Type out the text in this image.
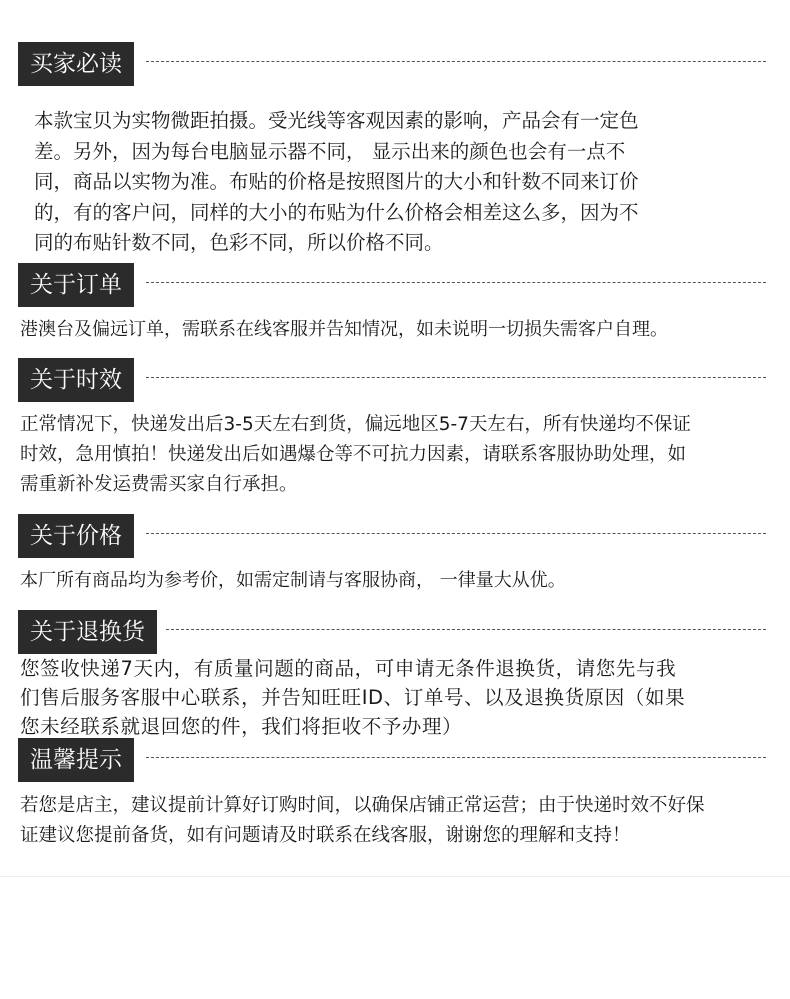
买家必读

本款宝贝为实物微距拍摄。受光线等客观因素的影响，产品会有一定色
差。另外，因为每台电脑显示器不同， 显示出来的颜色也会有一点不
同，商品以实物为准。布贴的价格是按照图片的大小和针数不同来订价
的，有的客户问，同样的大小的布贴为什么价格会相差这么多，因为不
同的布贴针数不同，色彩不同，所以价格不同。

关于订单

港澳台及偏远订单，需联系在线客服并告知情况，如未说明一切损失需客户自理。

关于时效

正常情况下，快递发出后3-5天左右到货，偏远地区5-7天左右，所有快递均不保证
时效，急用慎拍！快递发出后如遇爆仓等不可抗力因素，请联系客服协助处理，如
需重新补发运费需买家自行承担。

关于价格

本厂所有商品均为参考价，如需定制请与客服协商， 一律量大从优。

关于退换货

您签收快递7天内，有质量问题的商品，可申请无条件退换货，请您先与我
们售后服务客服中心联系，并告知旺旺ID、订单号、以及退换货原因（如果
您未经联系就退回您的件，我们将拒收不予办理）

温馨提示

若您是店主，建议提前计算好订购时间，以确保店铺正常运营；由于快递时效不好保
证建议您提前备货，如有问题请及时联系在线客服，谢谢您的理解和支持！
